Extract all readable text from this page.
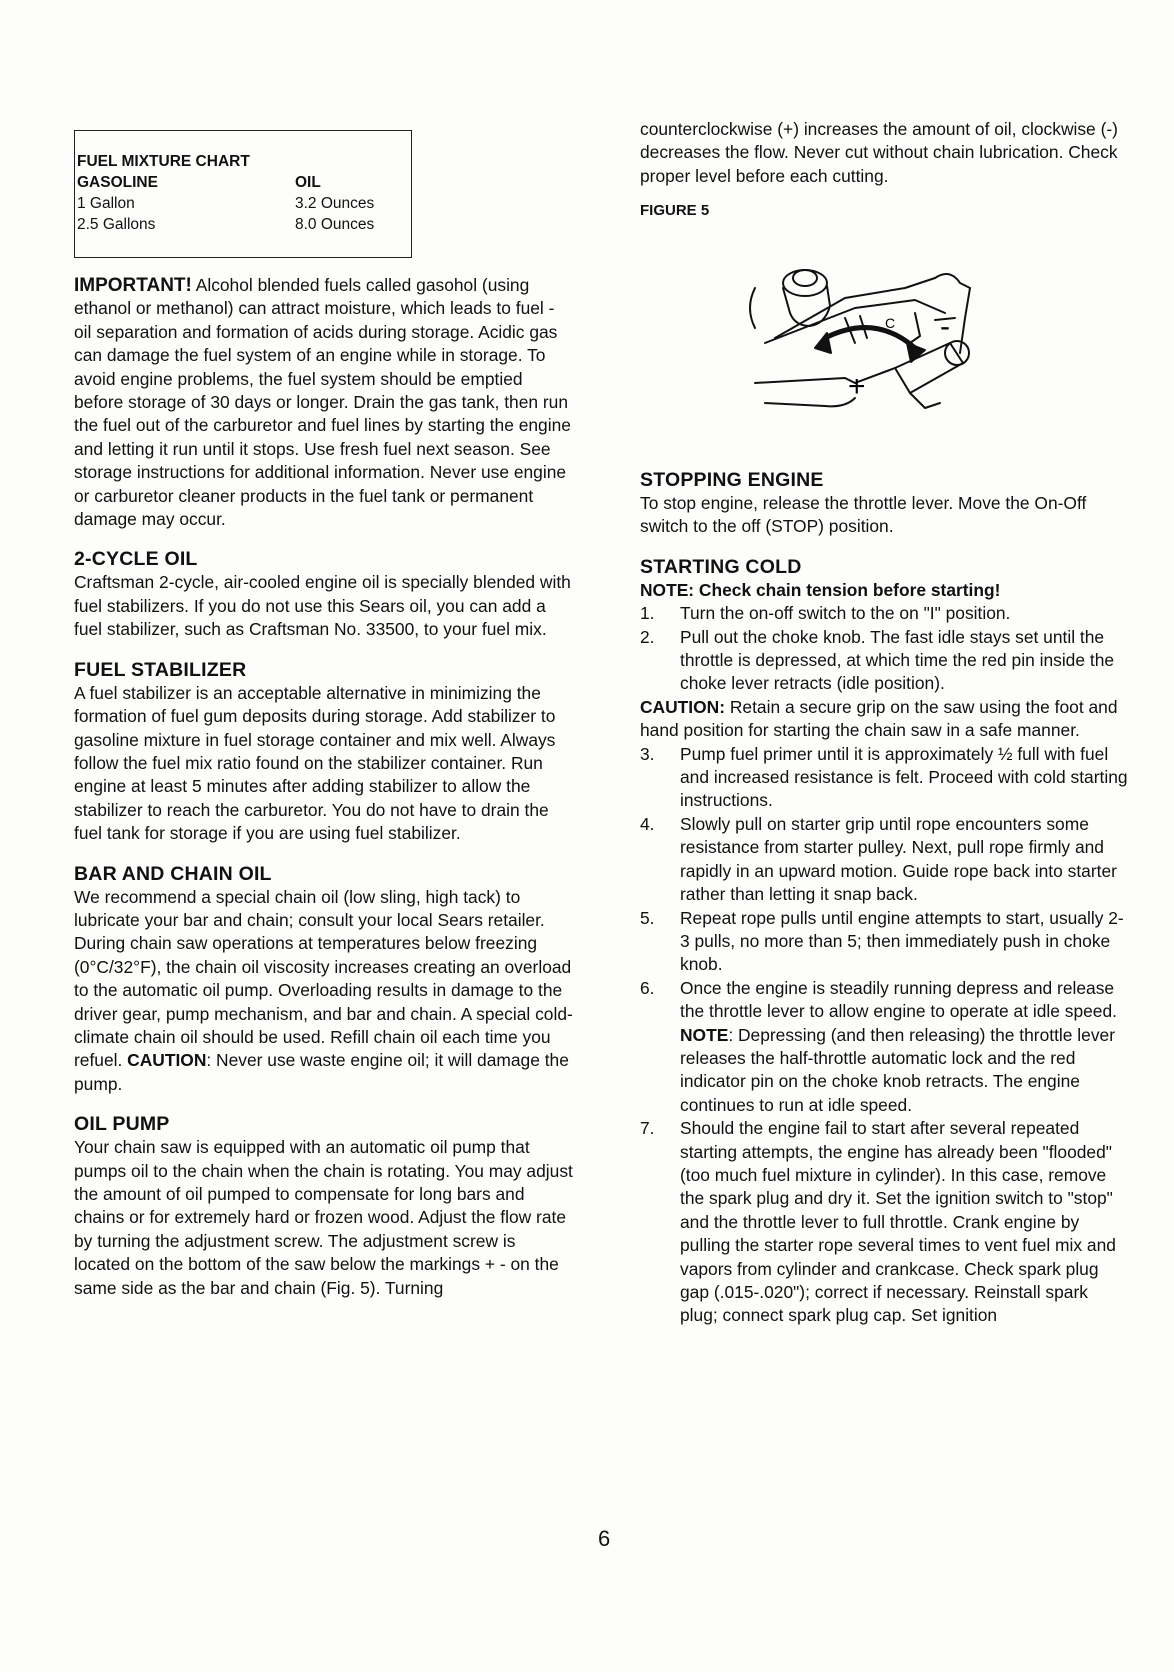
FUEL MIXTURE CHART
GASOLINE	OIL
1 Gallon	3.2 Ounces
2.5 Gallons	8.0 Ounces

IMPORTANT! Alcohol blended fuels called gasohol (using ethanol or methanol) can attract moisture, which leads to fuel - oil separation and formation of acids during storage. Acidic gas can damage the fuel system of an engine while in storage. To avoid engine problems, the fuel system should be emptied before storage of 30 days or longer. Drain the gas tank, then run the fuel out of the carburetor and fuel lines by starting the engine and letting it run until it stops. Use fresh fuel next season. See storage instructions for additional information. Never use engine or carburetor cleaner products in the fuel tank or permanent damage may occur.

2-CYCLE OIL

Craftsman 2-cycle, air-cooled engine oil is specially blended with fuel stabilizers. If you do not use this Sears oil, you can add a fuel stabilizer, such as Craftsman No. 33500, to your fuel mix.

FUEL STABILIZER

A fuel stabilizer is an acceptable alternative in minimizing the formation of fuel gum deposits during storage. Add stabilizer to gasoline mixture in fuel storage container and mix well. Always follow the fuel mix ratio found on the stabilizer container. Run engine at least 5 minutes after adding stabilizer to allow the stabilizer to reach the carburetor. You do not have to drain the fuel tank for storage if you are using fuel stabilizer.

BAR AND CHAIN OIL

We recommend a special chain oil (low sling, high tack) to lubricate your bar and chain; consult your local Sears retailer. During chain saw operations at temperatures below freezing (0°C/32°F), the chain oil viscosity increases creating an overload to the automatic oil pump. Overloading results in damage to the driver gear, pump mechanism, and bar and chain. A special cold-climate chain oil should be used. Refill chain oil each time you refuel. CAUTION: Never use waste engine oil; it will damage the pump.

OIL PUMP

Your chain saw is equipped with an automatic oil pump that pumps oil to the chain when the chain is rotating. You may adjust the amount of oil pumped to compensate for long bars and chains or for extremely hard or frozen wood. Adjust the flow rate by turning the adjustment screw. The adjustment screw is located on the bottom of the saw below the markings + - on the same side as the bar and chain (Fig. 5). Turning

counterclockwise (+) increases the amount of oil, clockwise (-) decreases the flow. Never cut without chain lubrication. Check proper level before each cutting.

FIGURE 5
+
-
C
STOPPING ENGINE

To stop engine, release the throttle lever. Move the On-Off switch to the off (STOP) position.

STARTING COLD

NOTE: Check chain tension before starting!

1. Turn the on-off switch to the on "I" position.
2. Pull out the choke knob. The fast idle stays set until the throttle is depressed, at which time the red pin inside the choke lever retracts (idle position).

CAUTION: Retain a secure grip on the saw using the foot and hand position for starting the chain saw in a safe manner.

3. Pump fuel primer until it is approximately ½ full with fuel and increased resistance is felt. Proceed with cold starting instructions.
4. Slowly pull on starter grip until rope encounters some resistance from starter pulley. Next, pull rope firmly and rapidly in an upward motion. Guide rope back into starter rather than letting it snap back.
5. Repeat rope pulls until engine attempts to start, usually 2-3 pulls, no more than 5; then immediately push in choke knob.
6. Once the engine is steadily running depress and release the throttle lever to allow engine to operate at idle speed. NOTE: Depressing (and then releasing) the throttle lever releases the half-throttle automatic lock and the red indicator pin on the choke knob retracts. The engine continues to run at idle speed.
7. Should the engine fail to start after several repeated starting attempts, the engine has already been "flooded" (too much fuel mixture in cylinder). In this case, remove the spark plug and dry it. Set the ignition switch to "stop" and the throttle lever to full throttle. Crank engine by pulling the starter rope several times to vent fuel mix and vapors from cylinder and crankcase. Check spark plug gap (.015-.020"); correct if necessary. Reinstall spark plug; connect spark plug cap. Set ignition
6
